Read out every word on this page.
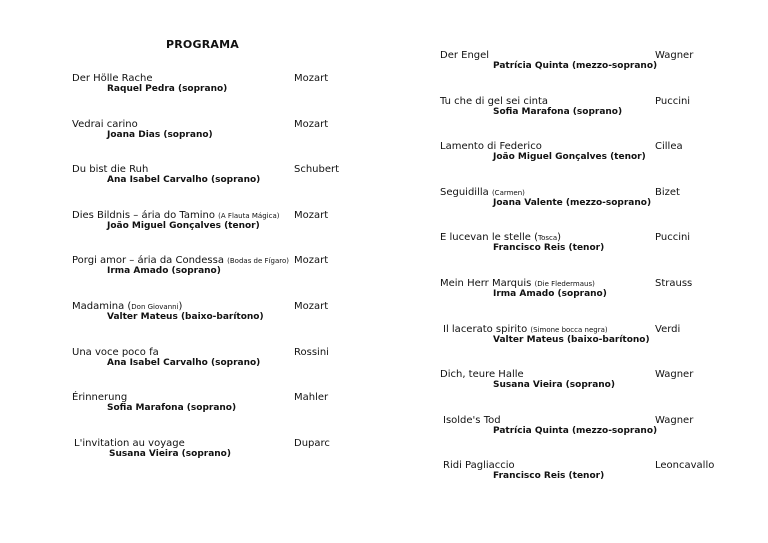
PROGRAMA
Der Hölle Rache	Mozart
Raquel Pedra (soprano)
Vedrai carino	Mozart
Joana Dias (soprano)
Du bist die Ruh	Schubert
Ana Isabel Carvalho (soprano)
Dies Bildnis – ária do Tamino (A Flauta Mágica) Mozart
João Miguel Gonçalves (tenor)
Porgi amor – ária da Condessa (Bodas de Fígaro) Mozart
Irma Amado (soprano)
Madamina (Don Giovanni)	Mozart
Valter Mateus (baixo-barítono)
Una voce poco fa	Rossini
Ana Isabel Carvalho (soprano)
Érinnerung	Mahler
Sofia Marafona (soprano)
L'invitation au voyage	Duparc
Susana Vieira (soprano)
Der Engel	Wagner
Patrícia Quinta (mezzo-soprano)
Tu che di gel sei cinta	Puccini
Sofia Marafona (soprano)
Lamento di Federico	Cillea
João Miguel Gonçalves (tenor)
Seguidilla (Carmen)	Bizet
Joana Valente (mezzo-soprano)
E lucevan le stelle (Tosca)	Puccini
Francisco Reis (tenor)
Mein Herr Marquis (Die Fledermaus)	Strauss
Irma Amado (soprano)
Il lacerato spirito (Simone bocca negra)	Verdi
Valter Mateus (baixo-barítono)
Dich, teure Halle	Wagner
Susana Vieira (soprano)
Isolde's Tod	Wagner
Patrícia Quinta (mezzo-soprano)
Ridi Pagliaccio	Leoncavallo
Francisco Reis (tenor)
